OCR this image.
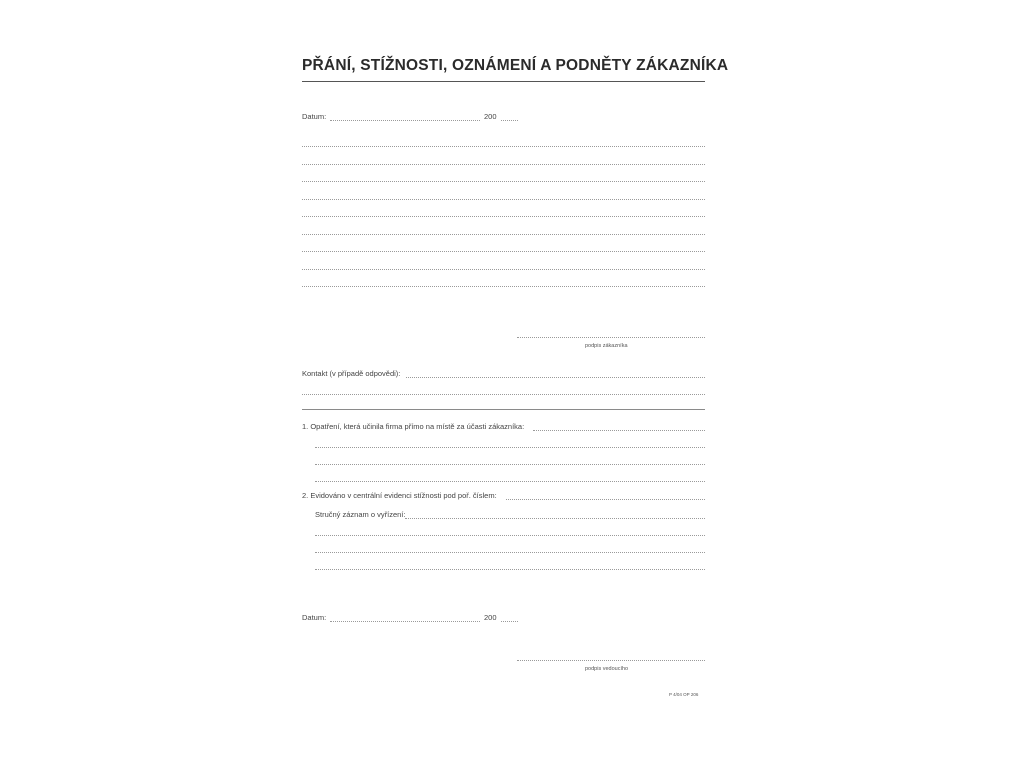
PŘÁNÍ, STÍŽNOSTI, OZNÁMENÍ A PODNĚTY ZÁKAZNÍKA
Datum:	200
podpis zákazníka
Kontakt (v případě odpovědi):
1. Opatření, která učinila firma přímo na místě za účasti zákazníka:
2. Evidováno v centrální evidenci stížnosti pod poř. číslem:
Stručný záznam o vyřízení:
Datum:	200
podpis vedoucího
P 4/04 OP 206
